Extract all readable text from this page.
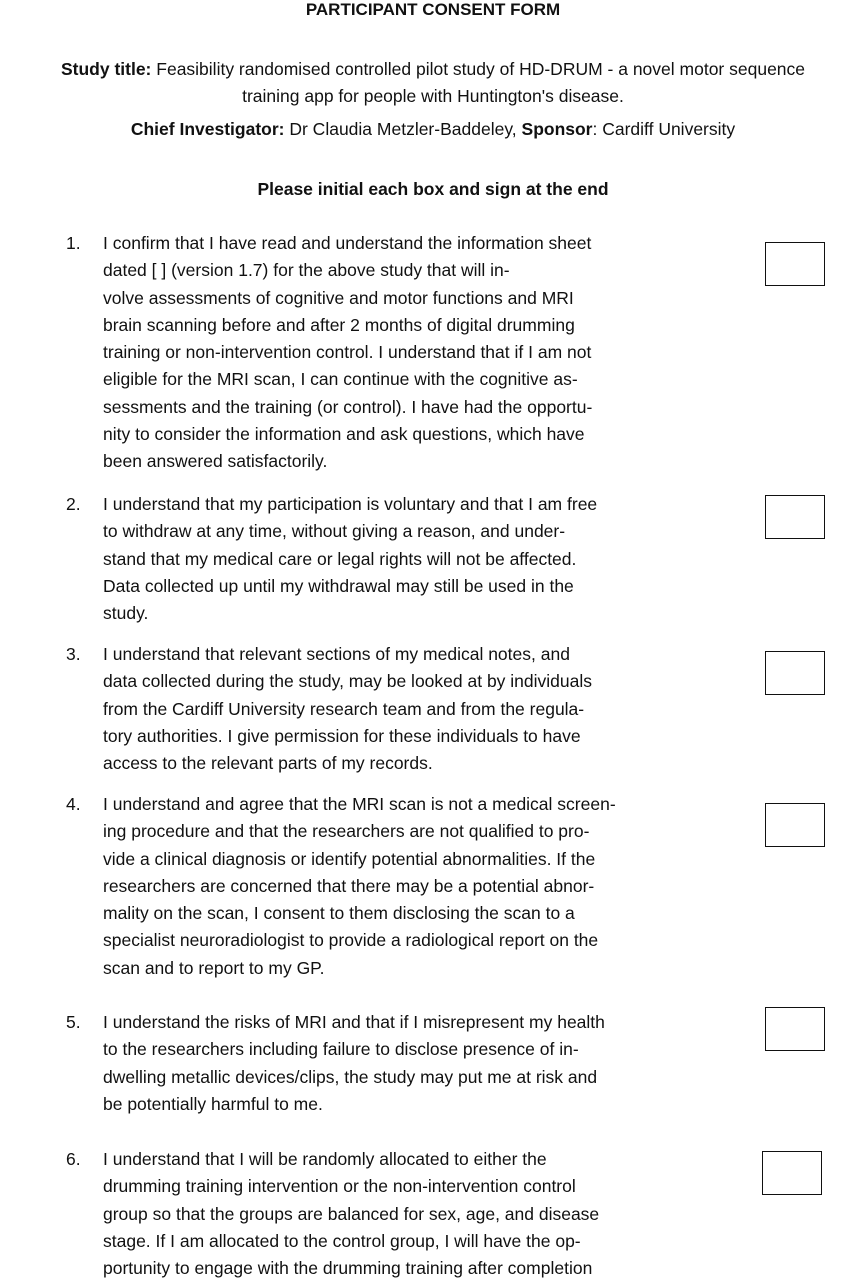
PARTICIPANT CONSENT FORM
Study title: Feasibility randomised controlled pilot study of HD-DRUM - a novel motor sequence
training app for people with Huntington's disease.
Chief Investigator: Dr Claudia Metzler-Baddeley, Sponsor: Cardiff University
Please initial each box and sign at the end
1. I confirm that I have read and understand the information sheet
dated [ ] (version 1.7) for the above study that will in-
volve assessments of cognitive and motor functions and MRI
brain scanning before and after 2 months of digital drumming
training or non-intervention control. I understand that if I am not
eligible for the MRI scan, I can continue with the cognitive as-
sessments and the training (or control). I have had the opportu-
nity to consider the information and ask questions, which have
been answered satisfactorily.
2. I understand that my participation is voluntary and that I am free
to withdraw at any time, without giving a reason, and under-
stand that my medical care or legal rights will not be affected.
Data collected up until my withdrawal may still be used in the
study.
3. I understand that relevant sections of my medical notes, and
data collected during the study, may be looked at by individuals
from the Cardiff University research team and from the regula-
tory authorities. I give permission for these individuals to have
access to the relevant parts of my records.
4. I understand and agree that the MRI scan is not a medical screen-
ing procedure and that the researchers are not qualified to pro-
vide a clinical diagnosis or identify potential abnormalities. If the
researchers are concerned that there may be a potential abnor-
mality on the scan, I consent to them disclosing the scan to a
specialist neuroradiologist to provide a radiological report on the
scan and to report to my GP.
5. I understand the risks of MRI and that if I misrepresent my health
to the researchers including failure to disclose presence of in-
dwelling metallic devices/clips, the study may put me at risk and
be potentially harmful to me.
6. I understand that I will be randomly allocated to either the
drumming training intervention or the non-intervention control
group so that the groups are balanced for sex, age, and disease
stage. If I am allocated to the control group, I will have the op-
portunity to engage with the drumming training after completion
